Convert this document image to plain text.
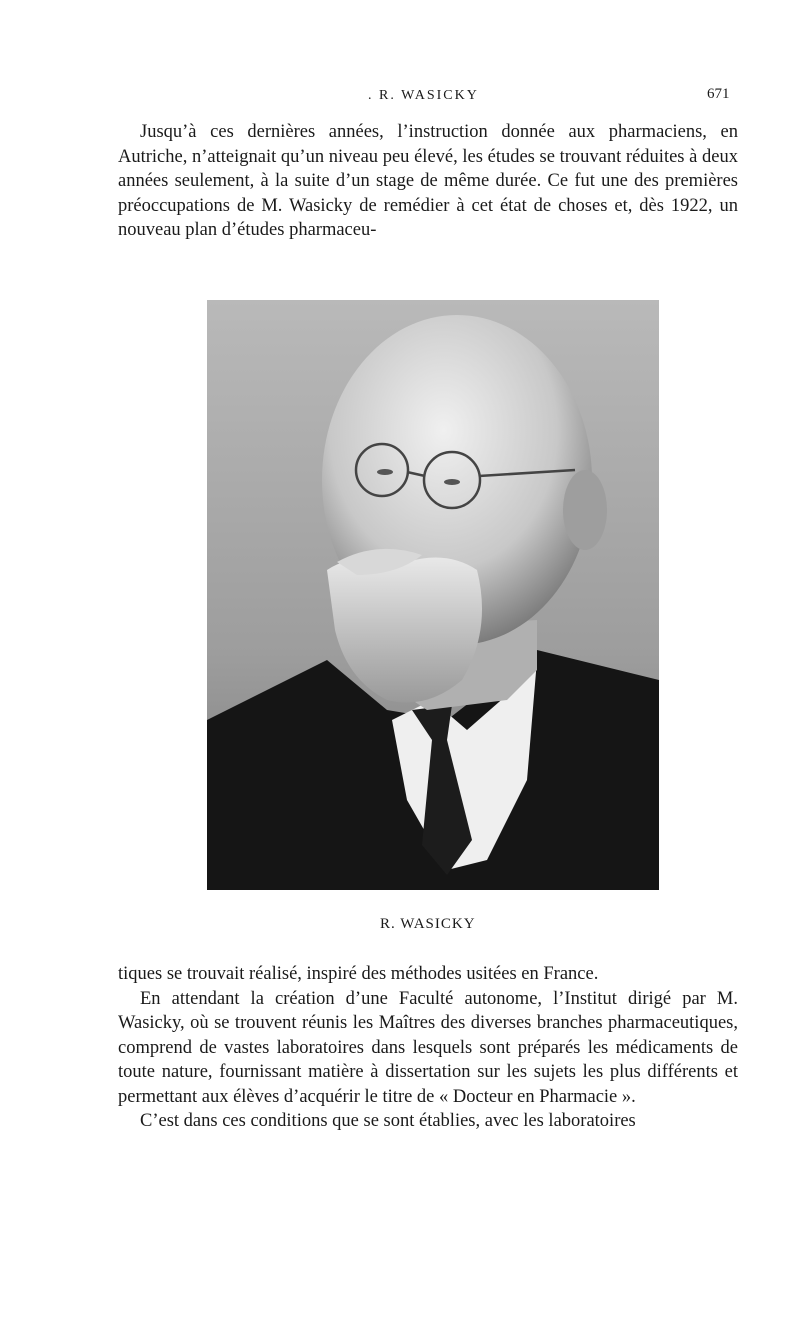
. R. WASICKY	671

Jusqu’à ces dernières années, l’instruction donnée aux pharmaciens, en Autriche, n’atteignait qu’un niveau peu élevé, les études se trouvant réduites à deux années seulement, à la suite d’un stage de même durée. Ce fut une des premières préoccupations de M. Wasicky de remédier à cet état de choses et, dès 1922, un nouveau plan d’études pharmaceu-

R. WASICKY
tiques se trouvait réalisé, inspiré des méthodes usitées en France.
En attendant la création d’une Faculté autonome, l’Institut dirigé par M. Wasicky, où se trouvent réunis les Maîtres des diverses branches pharmaceutiques, comprend de vastes laboratoires dans lesquels sont préparés les médicaments de toute nature, fournissant matière à dissertation sur les sujets les plus différents et permettant aux élèves d’acquérir le titre de « Docteur en Pharmacie ».
C’est dans ces conditions que se sont établies, avec les laboratoires
